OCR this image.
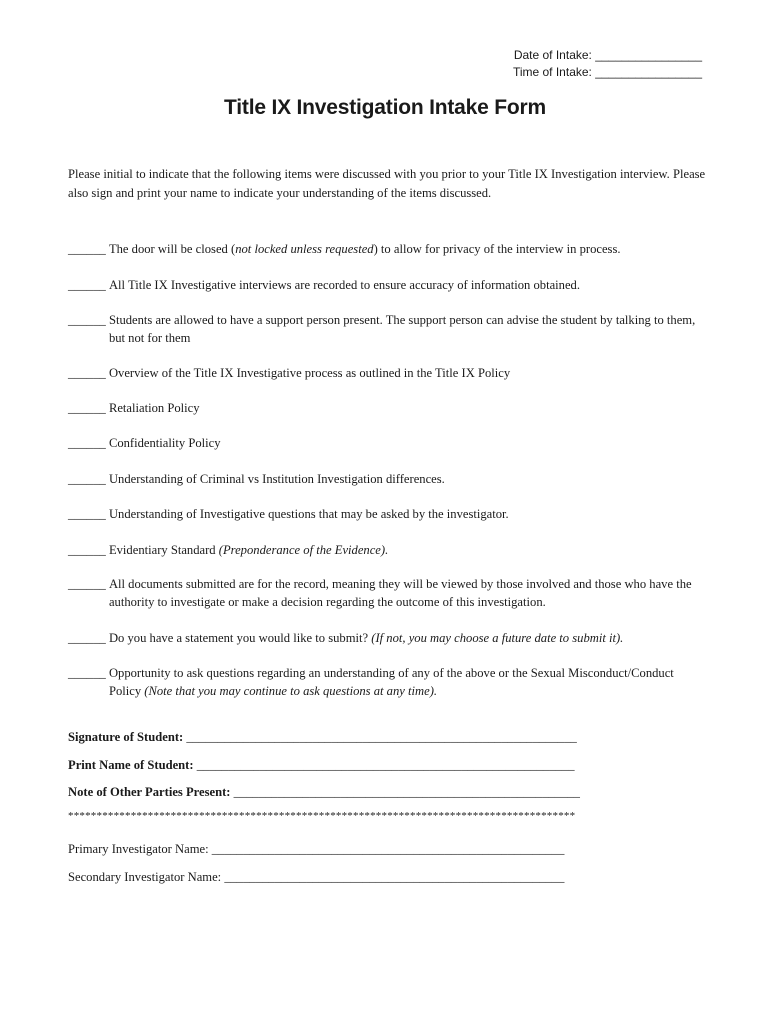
Date of Intake: ________________
Time of Intake: ________________
Title IX Investigation Intake Form
Please initial to indicate that the following items were discussed with you prior to your Title IX Investigation interview. Please also sign and print your name to indicate your understanding of the items discussed.
______ The door will be closed (not locked unless requested) to allow for privacy of the interview in process.
______ All Title IX Investigative interviews are recorded to ensure accuracy of information obtained.
______ Students are allowed to have a support person present. The support person can advise the student by talking to them, but not for them
______ Overview of the Title IX Investigative process as outlined in the Title IX Policy
______ Retaliation Policy
______ Confidentiality Policy
______ Understanding of Criminal vs Institution Investigation differences.
______ Understanding of Investigative questions that may be asked by the investigator.
______ Evidentiary Standard (Preponderance of the Evidence).
______ All documents submitted are for the record, meaning they will be viewed by those involved and those who have the authority to investigate or make a decision regarding the outcome of this investigation.
______ Do you have a statement you would like to submit? (If not, you may choose a future date to submit it).
______ Opportunity to ask questions regarding an understanding of any of the above or the Sexual Misconduct/Conduct Policy (Note that you may continue to ask questions at any time).
Signature of Student: ______________________________________________________________
Print Name of Student: ____________________________________________________________
Note of Other Parties Present: _______________________________________________________
*****************************************************************************************
Primary Investigator Name: ________________________________________________________
Secondary Investigator Name: ______________________________________________________
